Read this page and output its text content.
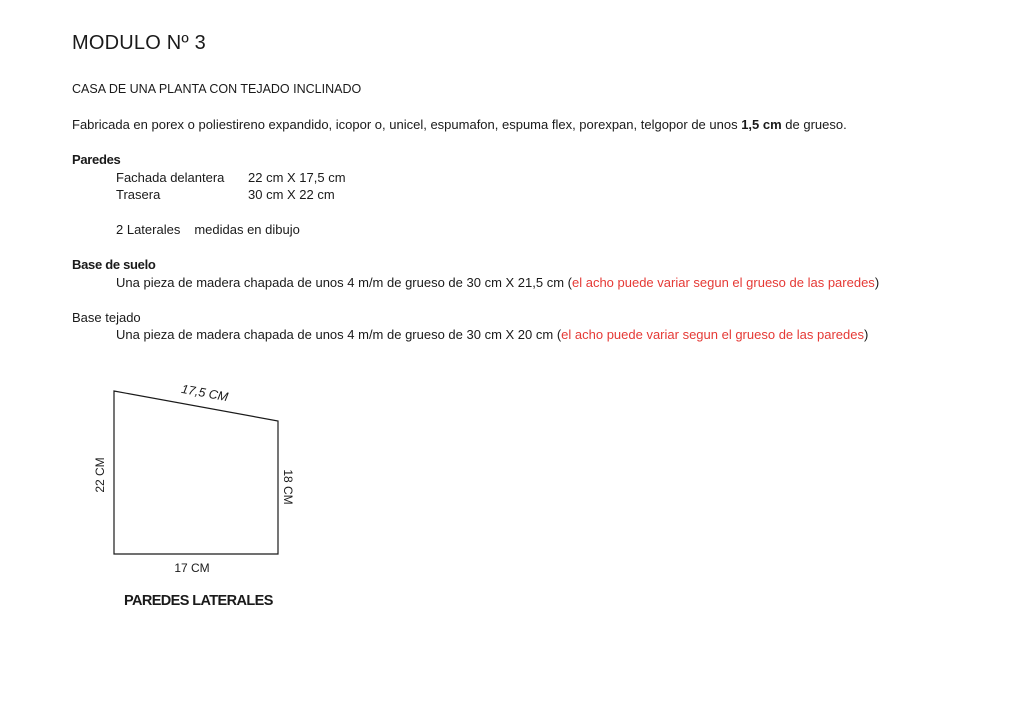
MODULO Nº 3
CASA DE UNA PLANTA CON TEJADO INCLINADO
Fabricada en porex o poliestireno expandido, icopor o, unicel, espumafon, espuma flex, porexpan, telgopor de unos 1,5 cm de grueso.
Paredes
Fachada delantera 22 cm X 17,5 cm
Trasera	30 cm X 22 cm
2 Laterales medidas en dibujo
Base de suelo
Una pieza de madera chapada de unos 4 m/m de grueso de 30 cm X 21,5 cm (el acho puede variar segun el grueso de las paredes)
Base tejado
Una pieza de madera chapada de unos 4 m/m de grueso de 30 cm X 20 cm (el acho puede variar segun el grueso de las paredes)
17,5 CM
22 CM	18 CM
17 CM
PAREDES LATERALES
